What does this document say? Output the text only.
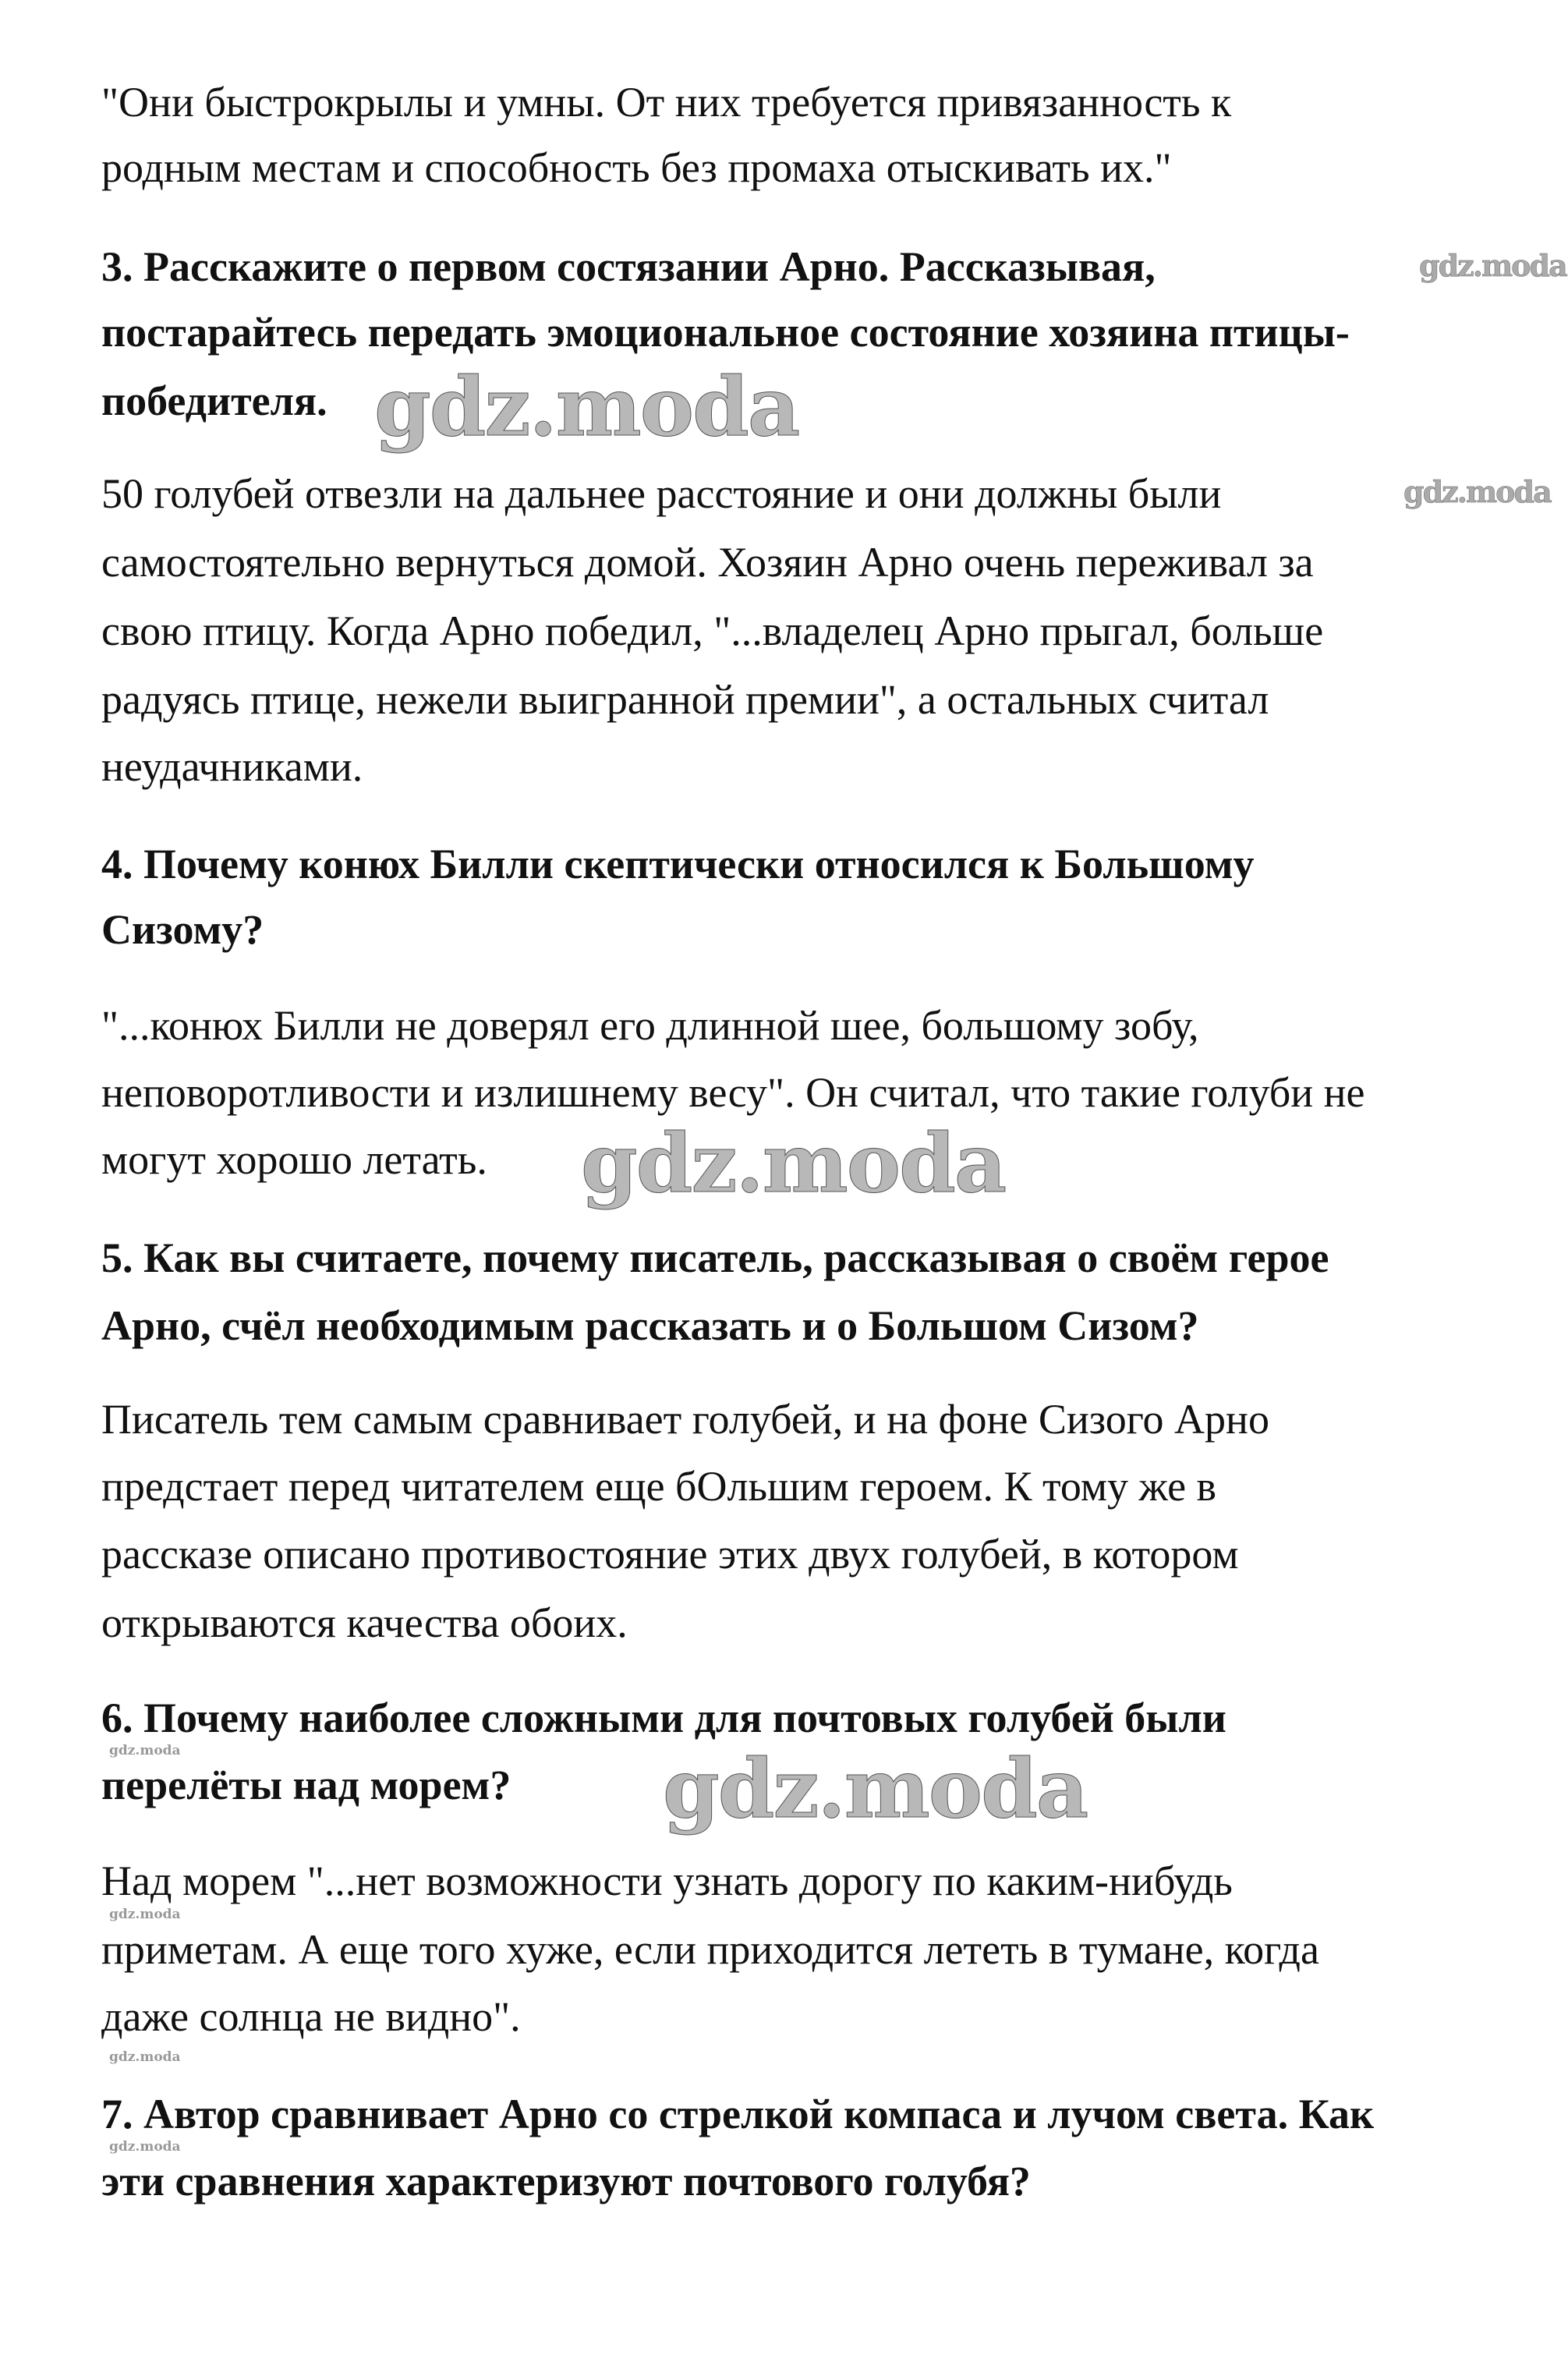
"Они быстрокрылы и умны. От них требуется привязанность к
родным местам и способность без промаха отыскивать их."
3. Расскажите о первом состязании Арно. Рассказывая,
постарайтесь передать эмоциональное состояние хозяина птицы-
победителя.
50 голубей отвезли на дальнее расстояние и они должны были
самостоятельно вернуться домой. Хозяин Арно очень переживал за
свою птицу. Когда Арно победил, "...владелец Арно прыгал, больше
радуясь птице, нежели выигранной премии", а остальных считал
неудачниками.
4. Почему конюх Билли скептически относился к Большому
Сизому?
"...конюх Билли не доверял его длинной шее, большому зобу,
неповоротливости и излишнему весу". Он считал, что такие голуби не
могут хорошо летать.
5. Как вы считаете, почему писатель, рассказывая о своём герое
Арно, счёл необходимым рассказать и о Большом Сизом?
Писатель тем самым сравнивает голубей, и на фоне Сизого Арно
предстает перед читателем еще бОльшим героем. К тому же в
рассказе описано противостояние этих двух голубей, в котором
открываются качества обоих.
6. Почему наиболее сложными для почтовых голубей были
перелёты над морем?
Над морем "...нет возможности узнать дорогу по каким-нибудь
приметам. А еще того хуже, если приходится лететь в тумане, когда
даже солнца не видно".
7. Автор сравнивает Арно со стрелкой компаса и лучом света. Как
эти сравнения характеризуют почтового голубя?
gdz.moda
gdz.moda
gdz.moda
gdz.moda
gdz.moda
gdz.moda
gdz.moda
gdz.moda
gdz.moda
